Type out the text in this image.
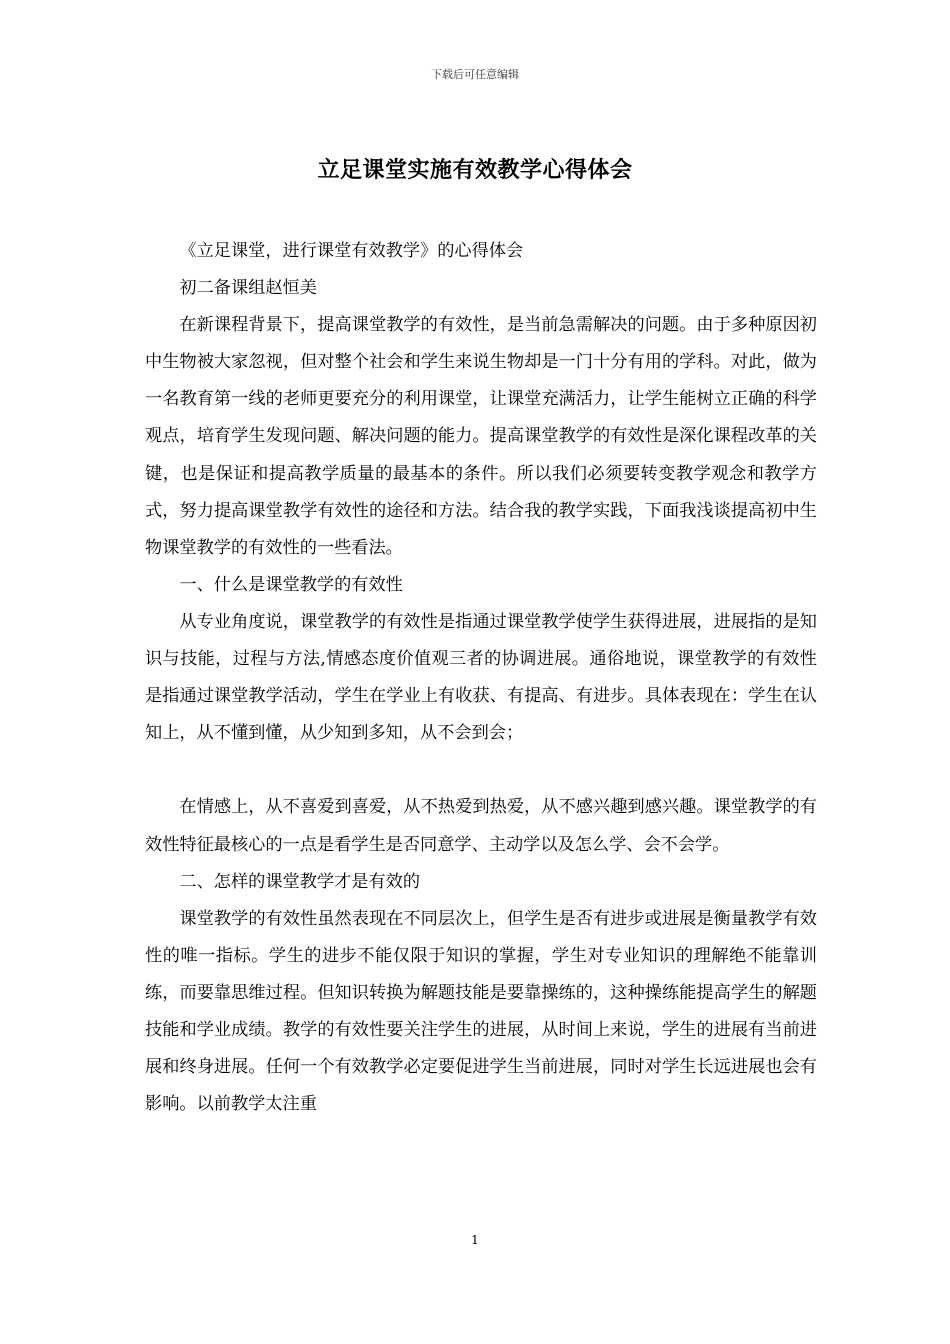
下载后可任意编辑
立足课堂实施有效教学心得体会

《立足课堂，进行课堂有效教学》的心得体会

初二备课组赵恒美

在新课程背景下，提高课堂教学的有效性，是当前急需解决的问题。由于多种原因初中生物被大家忽视，但对整个社会和学生来说生物却是一门十分有用的学科。对此，做为一名教育第一线的老师更要充分的利用课堂，让课堂充满活力，让学生能树立正确的科学观点，培育学生发现问题、解决问题的能力。提高课堂教学的有效性是深化课程改革的关键，也是保证和提高教学质量的最基本的条件。所以我们必须要转变教学观念和教学方式，努力提高课堂教学有效性的途径和方法。结合我的教学实践，下面我浅谈提高初中生物课堂教学的有效性的一些看法。

一、什么是课堂教学的有效性

从专业角度说，课堂教学的有效性是指通过课堂教学使学生获得进展，进展指的是知识与技能，过程与方法,情感态度价值观三者的协调进展。通俗地说，课堂教学的有效性是指通过课堂教学活动，学生在学业上有收获、有提高、有进步。具体表现在：学生在认知上，从不懂到懂，从少知到多知，从不会到会；

在情感上，从不喜爱到喜爱，从不热爱到热爱，从不感兴趣到感兴趣。课堂教学的有效性特征最核心的一点是看学生是否同意学、主动学以及怎么学、会不会学。

二、怎样的课堂教学才是有效的

课堂教学的有效性虽然表现在不同层次上，但学生是否有进步或进展是衡量教学有效性的唯一指标。学生的进步不能仅限于知识的掌握，学生对专业知识的理解绝不能靠训练，而要靠思维过程。但知识转换为解题技能是要靠操练的，这种操练能提高学生的解题技能和学业成绩。教学的有效性要关注学生的进展，从时间上来说，学生的进展有当前进展和终身进展。任何一个有效教学必定要促进学生当前进展，同时对学生长远进展也会有影响。以前教学太注重

1
